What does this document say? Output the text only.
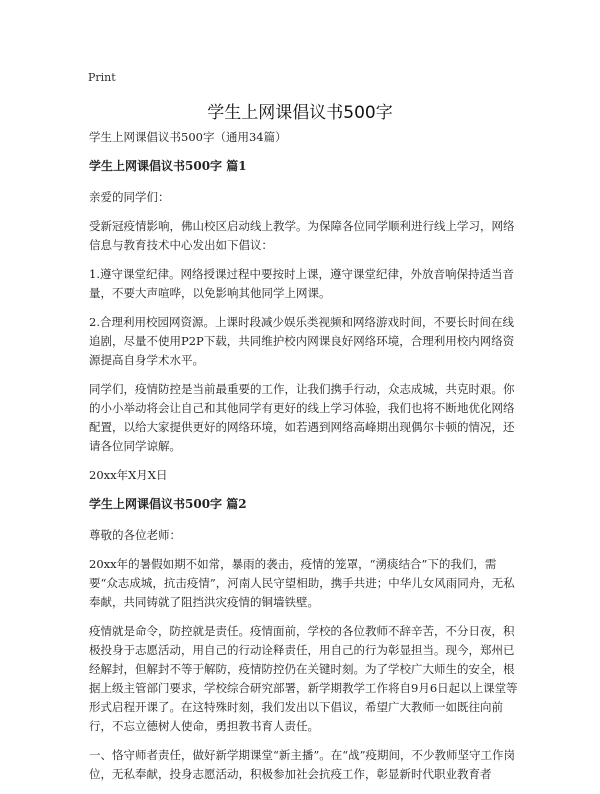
Print
学生上网课倡议书500字

学生上网课倡议书500字（通用34篇）

学生上网课倡议书500字 篇1

亲爱的同学们：

受新冠疫情影响，佛山校区启动线上教学。为保障各位同学顺利进行线上学习，网络信息与教育技术中心发出如下倡议：

1.遵守课堂纪律。网络授课过程中要按时上课，遵守课堂纪律，外放音响保持适当音量，不要大声喧哗，以免影响其他同学上网课。

2.合理利用校园网资源。上课时段减少娱乐类视频和网络游戏时间，不要长时间在线追剧，尽量不使用P2P下载，共同维护校内网课良好网络环境，合理利用校内网络资源提高自身学术水平。

同学们，疫情防控是当前最重要的工作，让我们携手行动，众志成城，共克时艰。你的小小举动将会让自己和其他同学有更好的线上学习体验，我们也将不断地优化网络配置，以给大家提供更好的网络环境，如若遇到网络高峰期出现偶尔卡顿的情况，还请各位同学谅解。

20xx年X月X日

学生上网课倡议书500字 篇2

尊敬的各位老师：

20xx年的暑假如期不如常，暴雨的袭击，疫情的笼罩，“湧痰结合”下的我们，需要“众志成城，抗击疫情”，河南人民守望相助，携手共进；中华儿女风雨同舟，无私奉献，共同铸就了阻挡洪灾疫情的铜墙铁壁。

疫情就是命令，防控就是责任。疫情面前，学校的各位教师不辞辛苦，不分日夜，积极投身于志愿活动，用自己的行动诠释责任，用自己的行为彰显担当。现今，郑州已经解封，但解封不等于解防，疫情防控仍在关键时刻。为了学校广大师生的安全，根据上级主管部门要求，学校综合研究部署，新学期教学工作将自9月6日起以上课堂等形式启程开课了。在这特殊时刻，我们发出以下倡议，希望广大教师一如既往向前行，不忘立德树人使命，勇担教书育人责任。

一、恪守师者责任，做好新学期课堂“新主播”。在“战”疫期间，不少教师坚守工作岗位，无私奉献，投身志愿活动，积极参加社会抗疫工作，彰显新时代职业教育者
